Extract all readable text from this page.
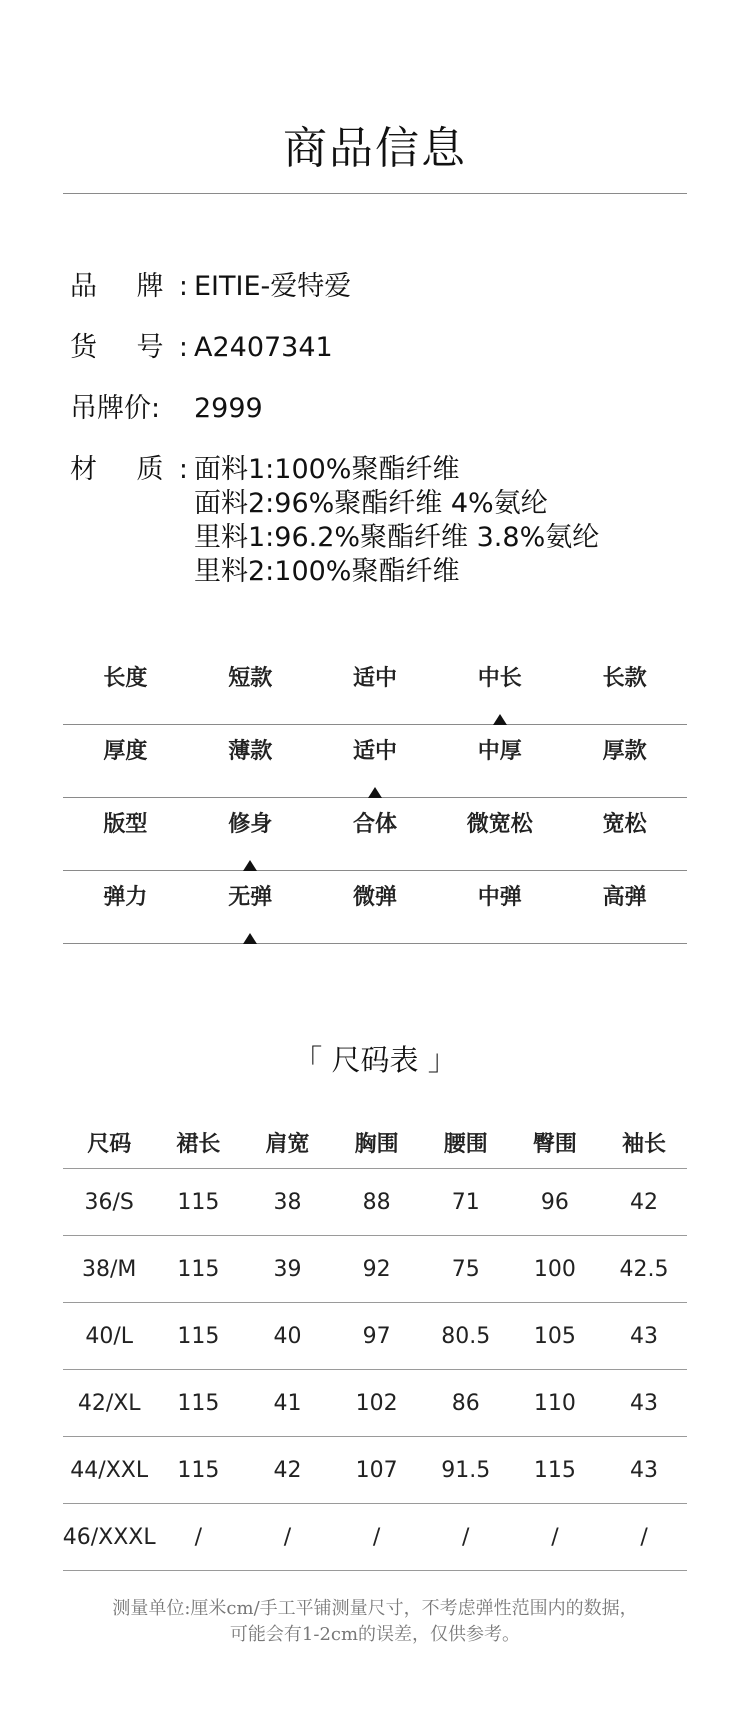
商品信息
品 牌: EITIE-爱特爱
货 号: A2407341
吊牌价:	2999
材 质: 面料1:100%聚酯纤维
面料2:96%聚酯纤维 4%氨纶
里料1:96.2%聚酯纤维 3.8%氨纶
里料2:100%聚酯纤维
长度	短款	适中	中长	长款
厚度	薄款	适中	中厚	厚款
版型	修身	合体	微宽松	宽松
弹力	无弹	微弹	中弹	高弹
「 尺码表 」
尺码	裙长	肩宽	胸围	腰围	臀围	袖长
36/S	115	38	88	71	96	42
38/M	115	39	92	75	100	42.5
40/L	115	40	97	80.5	105	43
42/XL	115	41	102	86	110	43
44/XXL	115	42	107	91.5	115	43
46/XXXL	/	/	/	/	/	/
测量单位:厘米cm/手工平铺测量尺寸，不考虑弹性范围内的数据，
可能会有1-2cm的误差，仅供参考。
